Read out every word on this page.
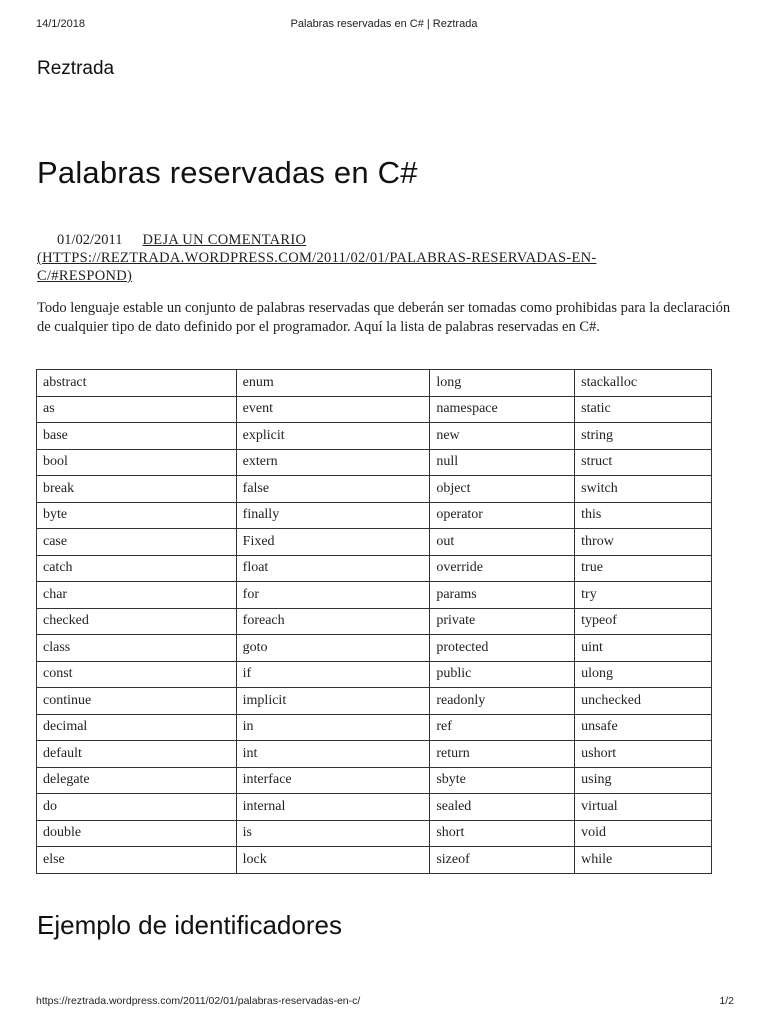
14/1/2018	Palabras reservadas en C# | Reztrada
Reztrada
Palabras reservadas en C#
01/02/2011 DEJA UN COMENTARIO
(HTTPS://REZTRADA.WORDPRESS.COM/2011/02/01/PALABRAS-RESERVADAS-EN-
C/#RESPOND)

Todo lenguaje estable un conjunto de palabras reservadas que deberán ser tomadas como prohibidas para la declaración de cualquier tipo de dato definido por el programador. Aquí la lista de palabras reservadas en C#.

abstract	enum	long	stackalloc
as	event	namespace	static
base	explicit	new	string
bool	extern	null	struct
break	false	object	switch
byte	finally	operator	this
case	Fixed	out	throw
catch	float	override	true
char	for	params	try
checked	foreach	private	typeof
class	goto	protected	uint
const	if	public	ulong
continue	implicit	readonly	unchecked
decimal	in	ref	unsafe
default	int	return	ushort
delegate	interface	sbyte	using
do	internal	sealed	virtual
double	is	short	void
else	lock	sizeof	while
Ejemplo de identificadores
https://reztrada.wordpress.com/2011/02/01/palabras-reservadas-en-c/	1/2
